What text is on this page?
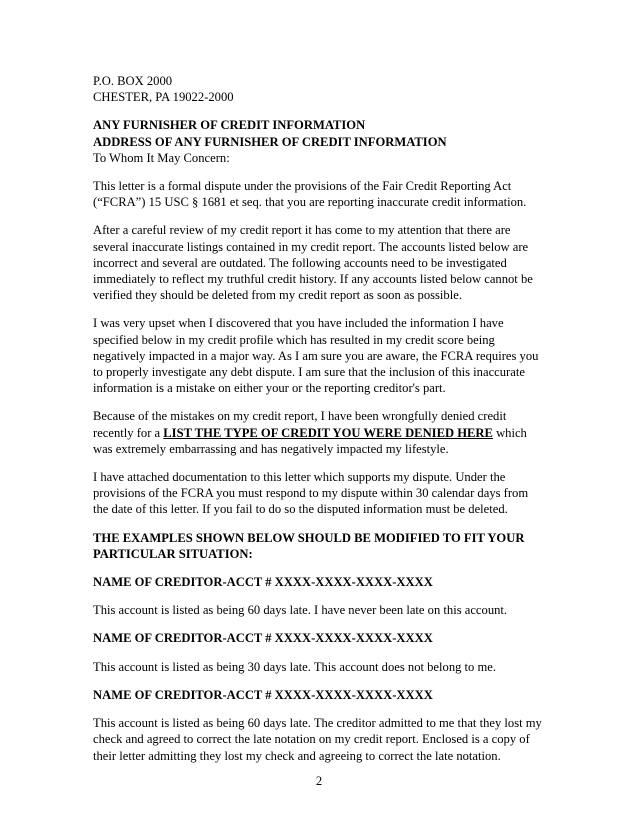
P.O. BOX 2000
CHESTER, PA 19022-2000

ANY FURNISHER OF CREDIT INFORMATION
ADDRESS OF ANY FURNISHER OF CREDIT INFORMATION
To Whom It May Concern:

This letter is a formal dispute under the provisions of the Fair Credit Reporting Act (“FCRA”) 15 USC § 1681 et seq. that you are reporting inaccurate credit information.

After a careful review of my credit report it has come to my attention that there are several inaccurate listings contained in my credit report. The accounts listed below are incorrect and several are outdated. The following accounts need to be investigated immediately to reflect my truthful credit history. If any accounts listed below cannot be verified they should be deleted from my credit report as soon as possible.

I was very upset when I discovered that you have included the information I have specified below in my credit profile which has resulted in my credit score being negatively impacted in a major way. As I am sure you are aware, the FCRA requires you to properly investigate any debt dispute. I am sure that the inclusion of this inaccurate information is a mistake on either your or the reporting creditor's part.

Because of the mistakes on my credit report, I have been wrongfully denied credit recently for a LIST THE TYPE OF CREDIT YOU WERE DENIED HERE which was extremely embarrassing and has negatively impacted my lifestyle.

I have attached documentation to this letter which supports my dispute. Under the provisions of the FCRA you must respond to my dispute within 30 calendar days from the date of this letter. If you fail to do so the disputed information must be deleted.

THE EXAMPLES SHOWN BELOW SHOULD BE MODIFIED TO FIT YOUR PARTICULAR SITUATION:

NAME OF CREDITOR-ACCT # XXXX-XXXX-XXXX-XXXX

This account is listed as being 60 days late. I have never been late on this account.

NAME OF CREDITOR-ACCT # XXXX-XXXX-XXXX-XXXX

This account is listed as being 30 days late. This account does not belong to me.

NAME OF CREDITOR-ACCT # XXXX-XXXX-XXXX-XXXX

This account is listed as being 60 days late. The creditor admitted to me that they lost my check and agreed to correct the late notation on my credit report. Enclosed is a copy of their letter admitting they lost my check and agreeing to correct the late notation.

2
